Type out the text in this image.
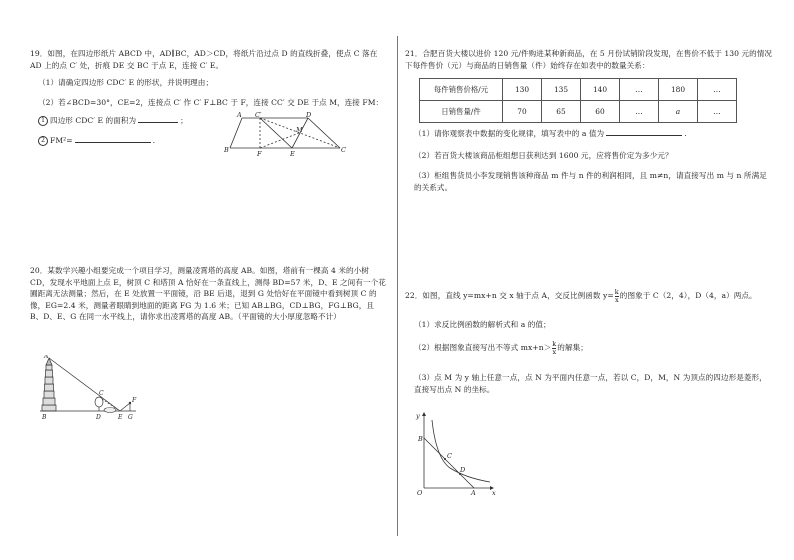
19．如图，在四边形纸片 ABCD 中，AD∥BC，AD＞CD，将纸片沿过点 D 的直线折叠，使点 C 落在 AD 上的点 C′ 处，折痕 DE 交 BC 于点 E，连接 C′ E。
（1）请确定四边形 CDC′ E 的形状，并说明理由；
（2）若∠BCD=30°，CE=2，连接点 C′ 作 C′ F⊥BC 于 F，连接 CC′ 交 DE 于点 M，连接 FM：
1 四边形 CDC′ E 的面积为	；
2 FM²=	.
A C′	D
M
B	F	E	C
20．某数学兴趣小组要完成一个项目学习，测量凌霄塔的高度 AB。如图，塔前有一棵高 4 米的小树 CD，发现水平地面上点 E，树顶 C 和塔顶 A 恰好在一条直线上，测得 BD=57 米，D、E 之间有一个花圃距离无法测量；然后，在 E 处放置一平面镜，沿 BE 后退，退到 G 处恰好在平面镜中看到树顶 C 的像，EG=2.4 米，测量者眼睛到地面的距离 FG 为 1.6 米；已知 AB⊥BG，CD⊥BG，FG⊥BG，且 B、D、E、G 在同一水平线上，请你求出凌霄塔的高度 AB。（平面镜的大小厚度忽略不计）
A
B
C
D	E G
F
21．合肥百货大楼以进价 120 元/件购进某种新商品，在 5 月份试销阶段发现，在售价不低于 130 元的情况下每件售价（元）与商品的日销售量（件）始终存在如表中的数量关系：
每件销售价格/元	130	135	140	…	180	…
日销售量/件	70	65	60	…	a	…
（1）请你观察表中数据的变化规律，填写表中的 a 值为	.
（2）若百货大楼该商品柜组想日获利达到 1600 元，应将售价定为多少元？
（3）柜组售货员小李发现销售该种商品 m 件与 n 件的利润相同，且 m≠n，请直接写出 m 与 n 所满足的关系式。
22．如图，直线 y=mx+n 交 x 轴于点 A，交反比例函数 $y= \frac{k}{x}$ 的图象于 C（2，4），D（4，a）两点。
（1）求反比例函数的解析式和 a 的值；
（2）根据图象直接写出不等式 $mx+n> \frac{k}{x}$ 的解集；
（3）点 M 为 y 轴上任意一点，点 N 为平面内任意一点，若以 C，D，M，N 为顶点的四边形是菱形，直接写出点 N 的坐标。
y
B
C
D
O	A	x
